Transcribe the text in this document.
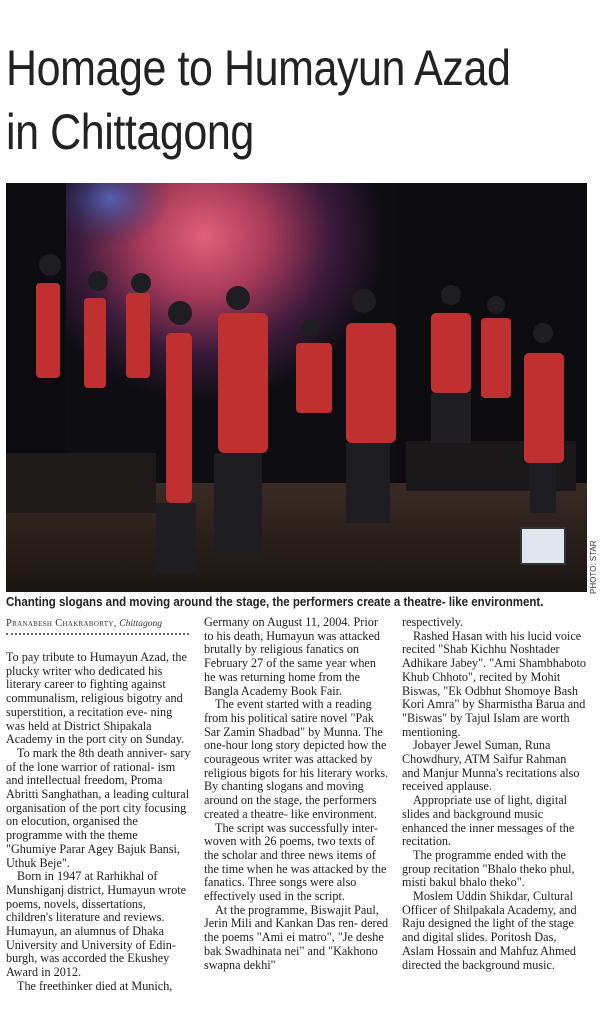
Homage to Humayun Azad
in Chittagong
PHOTO: STAR
Chanting slogans and moving around the stage, the performers create a theatre- like environment.
Pranabesh Chakraborty, Chittagong

To pay tribute to Humayun Azad, the plucky writer who dedicated his literary career to fighting against communalism, religious bigotry and superstition, a recitation eve- ning was held at District Shipakala Academy in the port city on Sunday.

To mark the 8th death anniver- sary of the lone warrior of rational- ism and intellectual freedom, Proma Abritti Sanghathan, a leading cultural organisation of the port city focusing on elocution, organised the programme with the theme "Ghumiye Parar Agey Bajuk Bansi, Uthuk Beje".

Born in 1947 at Rarhikhal of Munshiganj district, Humayun wrote poems, novels, dissertations, children's literature and reviews. Humayun, an alumnus of Dhaka University and University of Edin- burgh, was accorded the Ekushey Award in 2012.

The freethinker died at Munich,

Germany on August 11, 2004. Prior to his death, Humayun was attacked brutally by religious fanatics on February 27 of the same year when he was returning home from the Bangla Academy Book Fair.

The event started with a reading from his political satire novel "Pak Sar Zamin Shadbad" by Munna. The one-hour long story depicted how the courageous writer was attacked by religious bigots for his literary works. By chanting slogans and moving around on the stage, the performers created a theatre- like environment.

The script was successfully inter- woven with 26 poems, two texts of the scholar and three news items of the time when he was attacked by the fanatics. Three songs were also effectively used in the script.

At the programme, Biswajit Paul, Jerin Mili and Kankan Das ren- dered the poems "Ami ei matro", "Je deshe bak Swadhinata nei" and "Kakhono swapna dekhi"

respectively.

Rashed Hasan with his lucid voice recited "Shab Kichhu Noshtader Adhikare Jabey". "Ami Shambhaboto Khub Chhoto", recited by Mohit Biswas, "Ek Odbhut Shomoye Bash Kori Amra" by Sharmistha Barua and "Biswas" by Tajul Islam are worth mentioning.

Jobayer Jewel Suman, Runa Chowdhury, ATM Saifur Rahman and Manjur Munna's recitations also received applause.

Appropriate use of light, digital slides and background music enhanced the inner messages of the recitation.

The programme ended with the group recitation "Bhalo theko phul, misti bakul bhalo theko".

Moslem Uddin Shikdar, Cultural Officer of Shilpakala Academy, and Raju designed the light of the stage and digital slides. Poritosh Das, Aslam Hossain and Mahfuz Ahmed directed the background music.
